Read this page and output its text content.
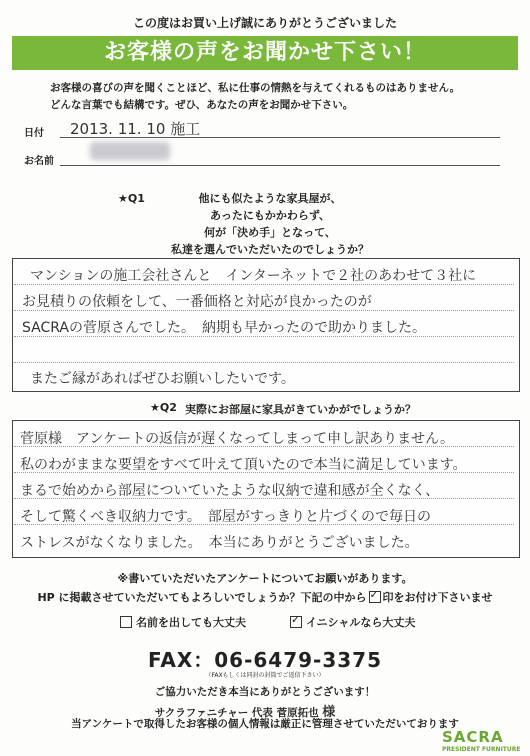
この度はお買い上げ誠にありがとうございました
お客様の声をお聞かせ下さい！
お客様の喜びの声を聞くことほど、私に仕事の情熱を与えてくれるものはありません。
どんな言葉でも結構です。ぜひ、あなたの声をお聞かせ下さい。
日付 2013. 11. 10 施工
お名前
★Q1	他にも似たような家具屋が、
あったにもかかわらず、
何が「決め手」となって、
私達を選んでいただいたのでしょうか？
マンションの施工会社さんと　インターネットで２社のあわせて３社に
お見積りの依頼をして、一番価格と対応が良かったのが
SACRAの菅原さんでした。　納期も早かったので助かりました。
またご縁があればぜひお願いしたいです。
★Q2 実際にお部屋に家具がきていかがでしょうか？
菅原様　アンケートの返信が遅くなってしまって申し訳ありません。
私のわがままな要望をすべて叶えて頂いたので本当に満足しています。
まるで始めから部屋についていたような収納で違和感が全くなく、
そして驚くべき収納力です。　部屋がすっきりと片づくので毎日の
ストレスがなくなりました。　本当にありがとうございました。
※書いていただいたアンケートについてお願いがあります。
HP に掲載させていただいてもよろしいでしょうか？下記の中から ✓ 印をお付け下さいませ
名前を出しても大丈夫 ✓	イニシャルなら大丈夫
FAX：06-6479-3375
（FAXもしくは同封の封筒でご返信下さい）
ご協力いただき本当にありがとうございます！
サクラファニチャー 代表 菅原拓也 様
当アンケートで取得したお客様の個人情報は厳正に管理させていただいております
SACRA
PRESIDENT FURNITURE
